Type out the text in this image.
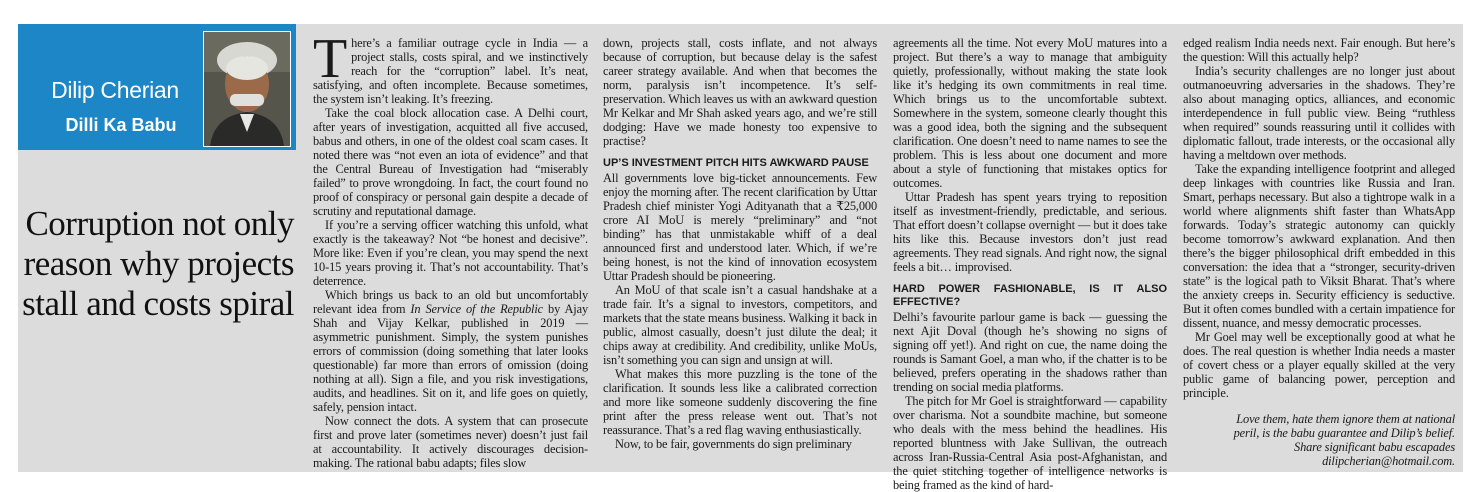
Dilip Cherian
Dilli Ka Babu
Corruption not only reason why projects stall and costs spiral

There’s a familiar outrage cycle in India — a project stalls, costs spiral, and we instinctively reach for the “corruption” label. It’s neat, satisfying, and often incomplete. Because sometimes, the system isn’t leaking. It’s freezing.

Take the coal block allocation case. A Delhi court, after years of investigation, acquitted all five accused, babus and others, in one of the oldest coal scam cases. It noted there was “not even an iota of evidence” and that the Central Bureau of Investigation had “miserably failed” to prove wrongdoing. In fact, the court found no proof of conspiracy or personal gain despite a decade of scrutiny and reputational damage.

If you’re a serving officer watching this unfold, what exactly is the takeaway? Not “be honest and decisive”. More like: Even if you’re clean, you may spend the next 10-15 years proving it. That’s not accountability. That’s deterrence.

Which brings us back to an old but uncomfortably relevant idea from In Service of the Republic by Ajay Shah and Vijay Kelkar, published in 2019 — asymmetric punishment. Simply, the system punishes errors of commission (doing something that later looks questionable) far more than errors of omission (doing nothing at all). Sign a file, and you risk investigations, audits, and headlines. Sit on it, and life goes on quietly, safely, pension intact.

Now connect the dots. A system that can prosecute first and prove later (sometimes never) doesn’t just fail at accountability. It actively discourages decision-making. The rational babu adapts; files slow

down, projects stall, costs inflate, and not always because of corruption, but because delay is the safest career strategy available. And when that becomes the norm, paralysis isn’t incompetence. It’s self-preservation. Which leaves us with an awkward question Mr Kelkar and Mr Shah asked years ago, and we’re still dodging: Have we made honesty too expensive to practise?

UP’S INVESTMENT PITCH HITS AWKWARD PAUSE

All governments love big-ticket announcements. Few enjoy the morning after. The recent clarification by Uttar Pradesh chief minister Yogi Adityanath that a ₹25,000 crore AI MoU is merely “preliminary” and “not binding” has that unmistakable whiff of a deal announced first and understood later. Which, if we’re being honest, is not the kind of innovation ecosystem Uttar Pradesh should be pioneering.

An MoU of that scale isn’t a casual handshake at a trade fair. It’s a signal to investors, competitors, and markets that the state means business. Walking it back in public, almost casually, doesn’t just dilute the deal; it chips away at credibility. And credibility, unlike MoUs, isn’t something you can sign and unsign at will.

What makes this more puzzling is the tone of the clarification. It sounds less like a calibrated correction and more like someone suddenly discovering the fine print after the press release went out. That’s not reassurance. That’s a red flag waving enthusiastically.

Now, to be fair, governments do sign preliminary

agreements all the time. Not every MoU matures into a project. But there’s a way to manage that ambiguity quietly, professionally, without making the state look like it’s hedging its own commitments in real time. Which brings us to the uncomfortable subtext. Somewhere in the system, someone clearly thought this was a good idea, both the signing and the subsequent clarification. One doesn’t need to name names to see the problem. This is less about one document and more about a style of functioning that mistakes optics for outcomes.

Uttar Pradesh has spent years trying to reposition itself as investment-friendly, predictable, and serious. That effort doesn’t collapse overnight — but it does take hits like this. Because investors don’t just read agreements. They read signals. And right now, the signal feels a bit… improvised.

HARD POWER FASHIONABLE, IS IT ALSO EFFECTIVE?

Delhi’s favourite parlour game is back — guessing the next Ajit Doval (though he’s showing no signs of signing off yet!). And right on cue, the name doing the rounds is Samant Goel, a man who, if the chatter is to be believed, prefers operating in the shadows rather than trending on social media platforms.

The pitch for Mr Goel is straightforward — capability over charisma. Not a soundbite machine, but someone who deals with the mess behind the headlines. His reported bluntness with Jake Sullivan, the outreach across Iran-Russia-Central Asia post-Afghanistan, and the quiet stitching together of intelligence networks is being framed as the kind of hard-

edged realism India needs next. Fair enough. But here’s the question: Will this actually help?

India’s security challenges are no longer just about outmanoeuvring adversaries in the shadows. They’re also about managing optics, alliances, and economic interdependence in full public view. Being “ruthless when required” sounds reassuring until it collides with diplomatic fallout, trade interests, or the occasional ally having a meltdown over methods.

Take the expanding intelligence footprint and alleged deep linkages with countries like Russia and Iran. Smart, perhaps necessary. But also a tightrope walk in a world where alignments shift faster than WhatsApp forwards. Today’s strategic autonomy can quickly become tomorrow’s awkward explanation. And then there’s the bigger philosophical drift embedded in this conversation: the idea that a “stronger, security-driven state” is the logical path to Viksit Bharat. That’s where the anxiety creeps in. Security efficiency is seductive. But it often comes bundled with a certain impatience for dissent, nuance, and messy democratic processes.

Mr Goel may well be exceptionally good at what he does. The real question is whether India needs a master of covert chess or a player equally skilled at the very public game of balancing power, perception and principle.

Love them, hate them ignore them at national
peril, is the babu guarantee and Dilip’s belief.
Share significant babu escapades
dilipcherian@hotmail.com.
